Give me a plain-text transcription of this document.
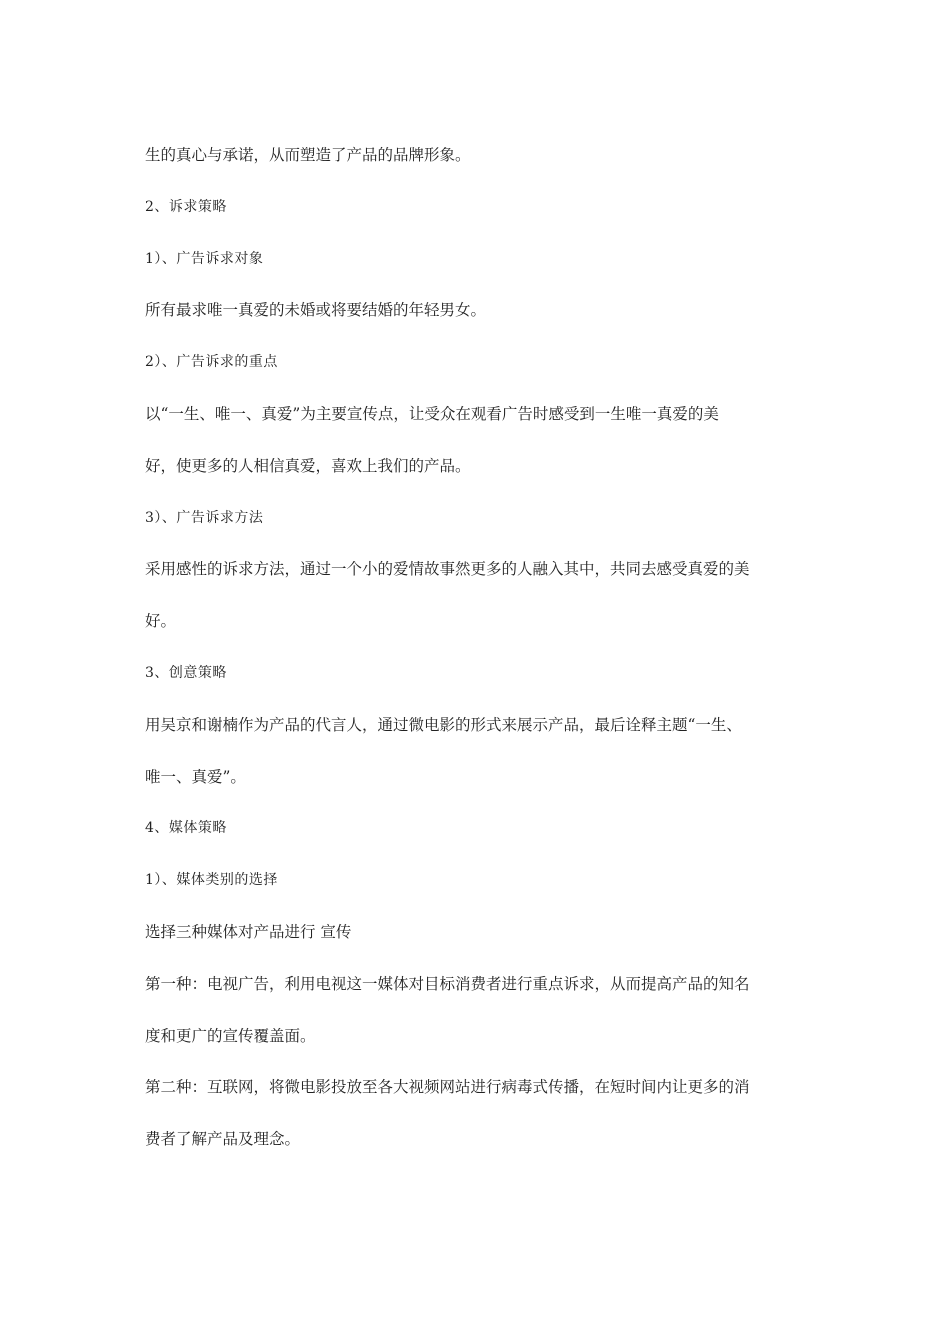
生的真心与承诺，从而塑造了产品的品牌形象。
2、诉求策略
1）、广告诉求对象
所有最求唯一真爱的未婚或将要结婚的年轻男女。
2）、广告诉求的重点
以“一生、唯一、真爱”为主要宣传点，让受众在观看广告时感受到一生唯一真爱的美
好，使更多的人相信真爱，喜欢上我们的产品。
3）、广告诉求方法
采用感性的诉求方法，通过一个小的爱情故事然更多的人融入其中，共同去感受真爱的美
好。
3、创意策略
用吴京和谢楠作为产品的代言人，通过微电影的形式来展示产品，最后诠释主题“一生、
唯一、真爱”。
4、媒体策略
1）、媒体类别的选择
选择三种媒体对产品进行 宣传
第一种：电视广告，利用电视这一媒体对目标消费者进行重点诉求，从而提高产品的知名
度和更广的宣传覆盖面。
第二种：互联网，将微电影投放至各大视频网站进行病毒式传播，在短时间内让更多的消
费者了解产品及理念。
